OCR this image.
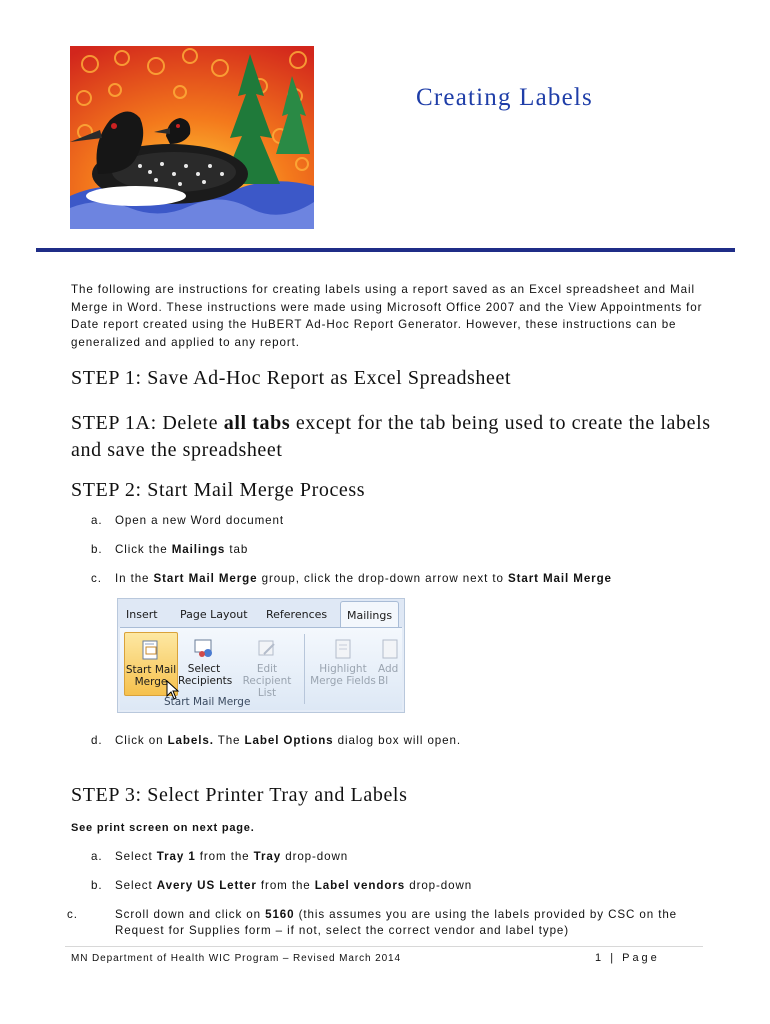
Creating Labels

The following are instructions for creating labels using a report saved as an Excel spreadsheet and Mail Merge in Word. These instructions were made using Microsoft Office 2007 and the View Appointments for Date report created using the HuBERT Ad-Hoc Report Generator. However, these instructions can be generalized and applied to any report.

STEP 1: Save Ad-Hoc Report as Excel Spreadsheet
STEP 1A: Delete all tabs except for the tab being used to create the labels and save the spreadsheet
STEP 2: Start Mail Merge Process
a. Open a new Word document
b. Click the Mailings tab
c. In the Start Mail Merge group, click the drop-down arrow next to Start Mail Merge
Insert Page Layout References	Mailings
Start Mail Merge
Select Recipients
Edit Recipient List
Highlight Merge Fields
Add Bl
Start Mail Merge
d. Click on Labels. The Label Options dialog box will open.
STEP 3: Select Printer Tray and Labels

See print screen on next page.

a. Select Tray 1 from the Tray drop-down
b. Select Avery US Letter from the Label vendors drop-down
c.	Scroll down and click on 5160 (this assumes you are using the labels provided by CSC on the Request for Supplies form – if not, select the correct vendor and label type)

MN Department of Health WIC Program – Revised March 2014	1 | Page
